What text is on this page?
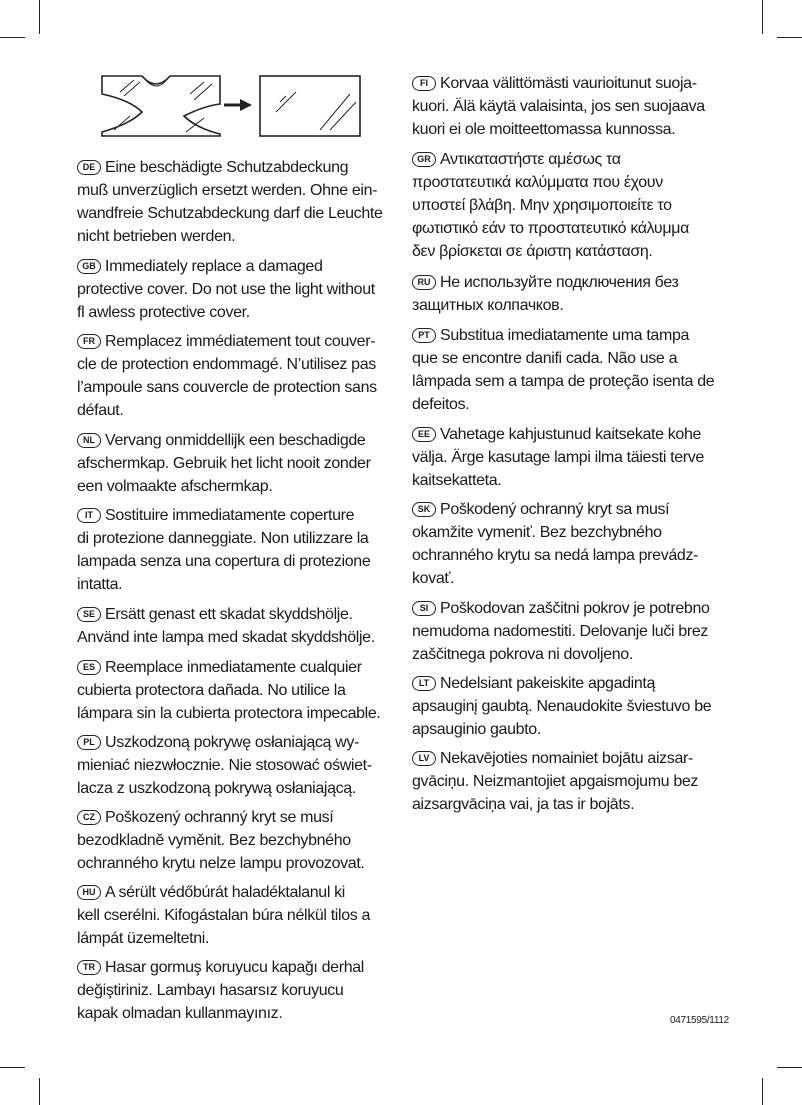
DE Eine beschädigte Schutzabdeckung

muß unverzüglich ersetzt werden. Ohne ein-

wandfreie Schutzabdeckung darf die Leuchte

nicht betrieben werden.

GB Immediately replace a damaged

protective cover. Do not use the light without

fl awless protective cover.

FR Remplacez immédiatement tout couver-

cle de protection endommagé. N’utilisez pas

l’ampoule sans couvercle de protection sans

défaut.

NL Vervang onmiddellijk een beschadigde

afschermkap. Gebruik het licht nooit zonder

een volmaakte afschermkap.

IT Sostituire immediatamente coperture

di protezione danneggiate. Non utilizzare la

lampada senza una copertura di protezione

intatta.

SE Ersätt genast ett skadat skyddshölje.

Använd inte lampa med skadat skyddshölje.

ES Reemplace inmediatamente cualquier

cubierta protectora dañada. No utilice la

lámpara sin la cubierta protectora impecable.

PL Uszkodzoną pokrywę osłaniającą wy-

mieniać niezwłocznie. Nie stosować oświet-

lacza z uszkodzoną pokrywą osłaniającą.

CZ Poškozený ochranný kryt se musí

bezodkladně vyměnit. Bez bezchybného

ochranného krytu nelze lampu provozovat.

HU A sérült védőbúrát haladéktalanul ki

kell cserélni. Kifogástalan búra nélkül tilos a

lámpát üzemeltetni.

TR Hasar gormuş koruyucu kapağı derhal

değiştiriniz. Lambayı hasarsız koruyucu

kapak olmadan kullanmayınız.

FI Korvaa välittömästi vaurioitunut suoja-

kuori. Älä käytä valaisinta, jos sen suojaava

kuori ei ole moitteettomassa kunnossa.

GR Αντικαταστήστε αμέσως τα

προστατευτικά καλύμματα που έχουν

υποστεί βλάβη. Μην χρησιμοποιείτε το

φωτιστικό εάν το προστατευτικό κάλυμμα

δεν βρίσκεται σε άριστη κατάσταση.

RU Не используйте подключения без

защитных колпачков.

PT Substitua imediatamente uma tampa

que se encontre danifi cada. Não use a

lâmpada sem a tampa de proteção isenta de

defeitos.

EE Vahetage kahjustunud kaitsekate kohe

välja. Ärge kasutage lampi ilma täiesti terve

kaitsekatteta.

SK Poškodený ochranný kryt sa musí

okamžite vymeniť. Bez bezchybného

ochranného krytu sa nedá lampa prevádz-

kovať.

SI Poškodovan zaščitni pokrov je potrebno

nemudoma nadomestiti. Delovanje luči brez

zaščitnega pokrova ni dovoljeno.

LT Nedelsiant pakeiskite apgadintą

apsauginį gaubtą. Nenaudokite šviestuvo be

apsauginio gaubto.

LV Nekavējoties nomainiet bojātu aizsar-

gvāciņu. Neizmantojiet apgaismojumu bez

aizsargvāciņa vai, ja tas ir bojāts.

0471595/1112
